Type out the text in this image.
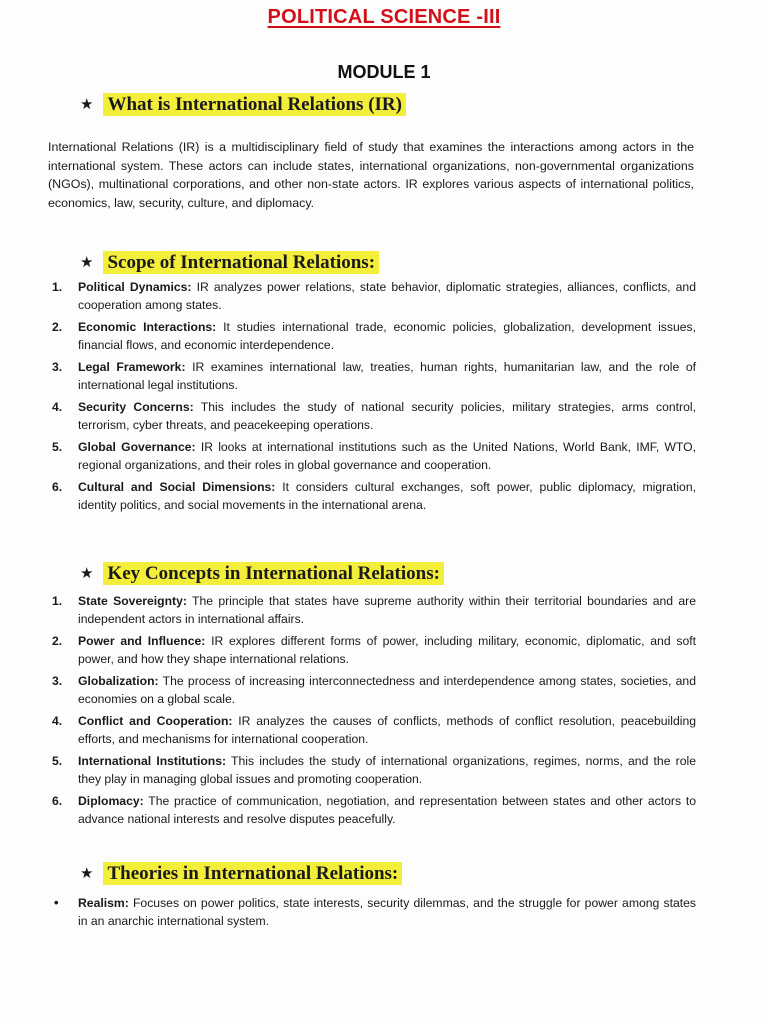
POLITICAL SCIENCE -III
MODULE 1
★ What is International Relations (IR)
International Relations (IR) is a multidisciplinary field of study that examines the interactions among actors in the international system. These actors can include states, international organizations, non-governmental organizations (NGOs), multinational corporations, and other non-state actors. IR explores various aspects of international politics, economics, law, security, culture, and diplomacy.
★ Scope of International Relations:
1. Political Dynamics: IR analyzes power relations, state behavior, diplomatic strategies, alliances, conflicts, and cooperation among states.
2. Economic Interactions: It studies international trade, economic policies, globalization, development issues, financial flows, and economic interdependence.
3. Legal Framework: IR examines international law, treaties, human rights, humanitarian law, and the role of international legal institutions.
4. Security Concerns: This includes the study of national security policies, military strategies, arms control, terrorism, cyber threats, and peacekeeping operations.
5. Global Governance: IR looks at international institutions such as the United Nations, World Bank, IMF, WTO, regional organizations, and their roles in global governance and cooperation.
6. Cultural and Social Dimensions: It considers cultural exchanges, soft power, public diplomacy, migration, identity politics, and social movements in the international arena.
★ Key Concepts in International Relations:
1. State Sovereignty: The principle that states have supreme authority within their territorial boundaries and are independent actors in international affairs.
2. Power and Influence: IR explores different forms of power, including military, economic, diplomatic, and soft power, and how they shape international relations.
3. Globalization: The process of increasing interconnectedness and interdependence among states, societies, and economies on a global scale.
4. Conflict and Cooperation: IR analyzes the causes of conflicts, methods of conflict resolution, peacebuilding efforts, and mechanisms for international cooperation.
5. International Institutions: This includes the study of international organizations, regimes, norms, and the role they play in managing global issues and promoting cooperation.
6. Diplomacy: The practice of communication, negotiation, and representation between states and other actors to advance national interests and resolve disputes peacefully.
★ Theories in International Relations:
• Realism: Focuses on power politics, state interests, security dilemmas, and the struggle for power among states in an anarchic international system.
